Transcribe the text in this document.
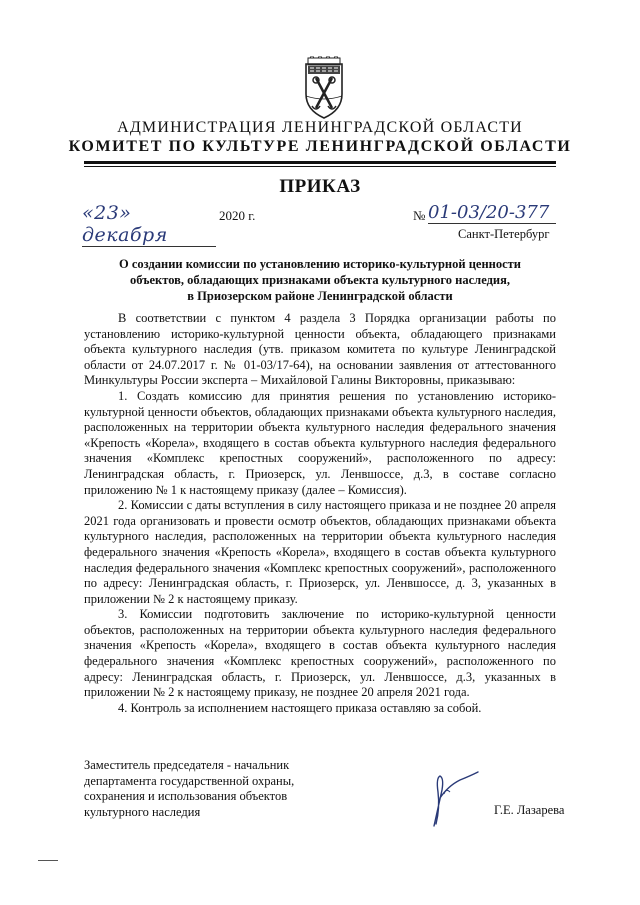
АДМИНИСТРАЦИЯ ЛЕНИНГРАДСКОЙ ОБЛАСТИ
КОМИТЕТ ПО КУЛЬТУРЕ ЛЕНИНГРАДСКОЙ ОБЛАСТИ
ПРИКАЗ
«23» декабря
2020 г.	№ 01-03/20-377
Санкт-Петербург
О создании комиссии по установлению историко-культурной ценности
объектов, обладающих признаками объекта культурного наследия,
в Приозерском районе Ленинградской области

В соответствии с пунктом 4 раздела 3 Порядка организации работы по установлению историко-культурной ценности объекта, обладающего признаками объекта культурного наследия (утв. приказом комитета по культуре Ленинградской области от 24.07.2017 г. № 01-03/17-64), на основании заявления от аттестованного Минкультуры России эксперта – Михайловой Галины Викторовны, приказываю:

1. Создать комиссию для принятия решения по установлению историко-культурной ценности объектов, обладающих признаками объекта культурного наследия, расположенных на территории объекта культурного наследия федерального значения «Крепость «Корела», входящего в состав объекта культурного наследия федерального значения «Комплекс крепостных сооружений», расположенного по адресу: Ленинградская область, г. Приозерск, ул. Ленвшоссе, д.3, в составе согласно приложению № 1 к настоящему приказу (далее – Комиссия).

2. Комиссии с даты вступления в силу настоящего приказа и не позднее 20 апреля 2021 года организовать и провести осмотр объектов, обладающих признаками объекта культурного наследия, расположенных на территории объекта культурного наследия федерального значения «Крепость «Корела», входящего в состав объекта культурного наследия федерального значения «Комплекс крепостных сооружений», расположенного по адресу: Ленинградская область, г. Приозерск, ул. Ленвшоссе, д. 3, указанных в приложении № 2 к настоящему приказу.

3. Комиссии подготовить заключение по историко-культурной ценности объектов, расположенных на территории объекта культурного наследия федерального значения «Крепость «Корела», входящего в состав объекта культурного наследия федерального значения «Комплекс крепостных сооружений», расположенного по адресу: Ленинградская область, г. Приозерск, ул. Ленвшоссе, д.3, указанных в приложении № 2 к настоящему приказу, не позднее 20 апреля 2021 года.

4. Контроль за исполнением настоящего приказа оставляю за собой.

Заместитель председателя - начальник
департамента государственной охраны,
сохранения и использования объектов
культурного наследия	Г.Е. Лазарева
